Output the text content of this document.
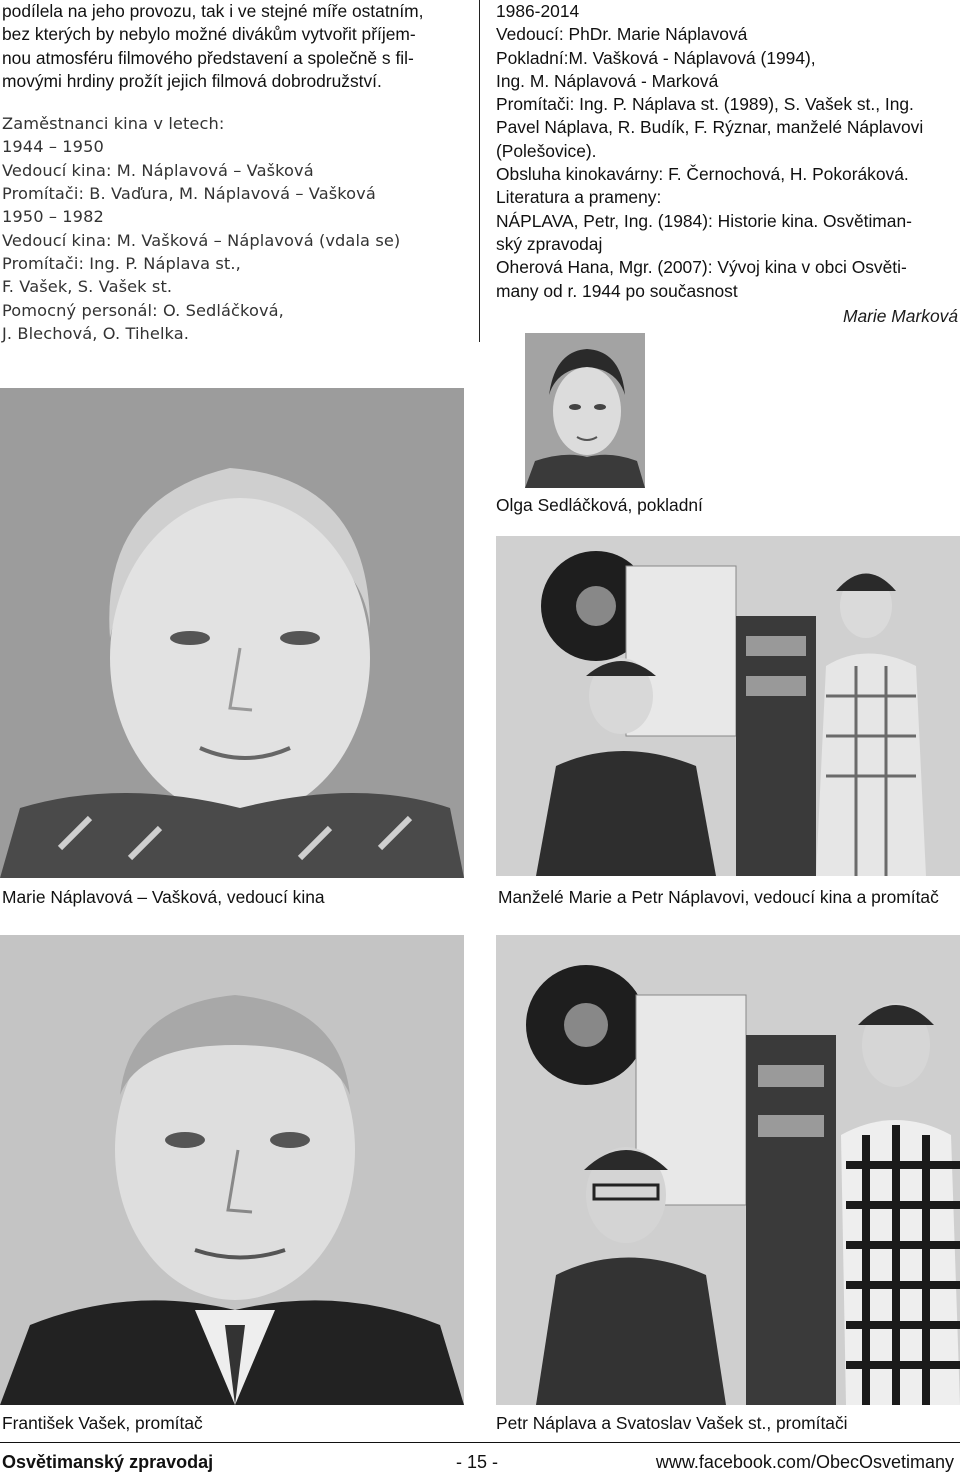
podílela na jeho provozu, tak i ve stejné míře ostatním,
bez kterých by nebylo možné divákům vytvořit příjem-
nou atmosféru filmového představení a společně s fil-
movými hrdiny prožít jejich filmová dobrodružství.
Zaměstnanci kina v letech:
1944 – 1950
Vedoucí kina: M. Náplavová – Vašková
Promítači: B. Vaďura, M. Náplavová – Vašková
1950 – 1982
Vedoucí kina: M. Vašková – Náplavová (vdala se)
Promítači: Ing. P. Náplava st.,
F. Vašek, S. Vašek st.
Pomocný personál: O. Sedláčková,
J. Blechová, O. Tihelka.
1986-2014
Vedoucí: PhDr. Marie Náplavová
Pokladní:M. Vašková - Náplavová (1994),
Ing. M. Náplavová - Marková
Promítači: Ing. P. Náplava st. (1989), S. Vašek st., Ing.
Pavel Náplava, R. Budík, F. Rýznar, manželé Náplavovi
(Polešovice).
Obsluha kinokavárny: F. Černochová, H. Pokoráková.
Literatura a prameny:
NÁPLAVA, Petr, Ing. (1984): Historie kina. Osvětiman-
ský zpravodaj
Oherová Hana, Mgr. (2007): Vývoj kina v obci Osvěti-
many od r. 1944 po současnost
Marie Marková
Olga Sedláčková, pokladní
Marie Náplavová – Vašková, vedoucí kina	Manželé Marie a Petr Náplavovi, vedoucí kina a promítač
František Vašek, promítač	Petr Náplava a Svatoslav Vašek st., promítači
Osvětimanský zpravodaj	- 15 -	www.facebook.com/ObecOsvetimany
